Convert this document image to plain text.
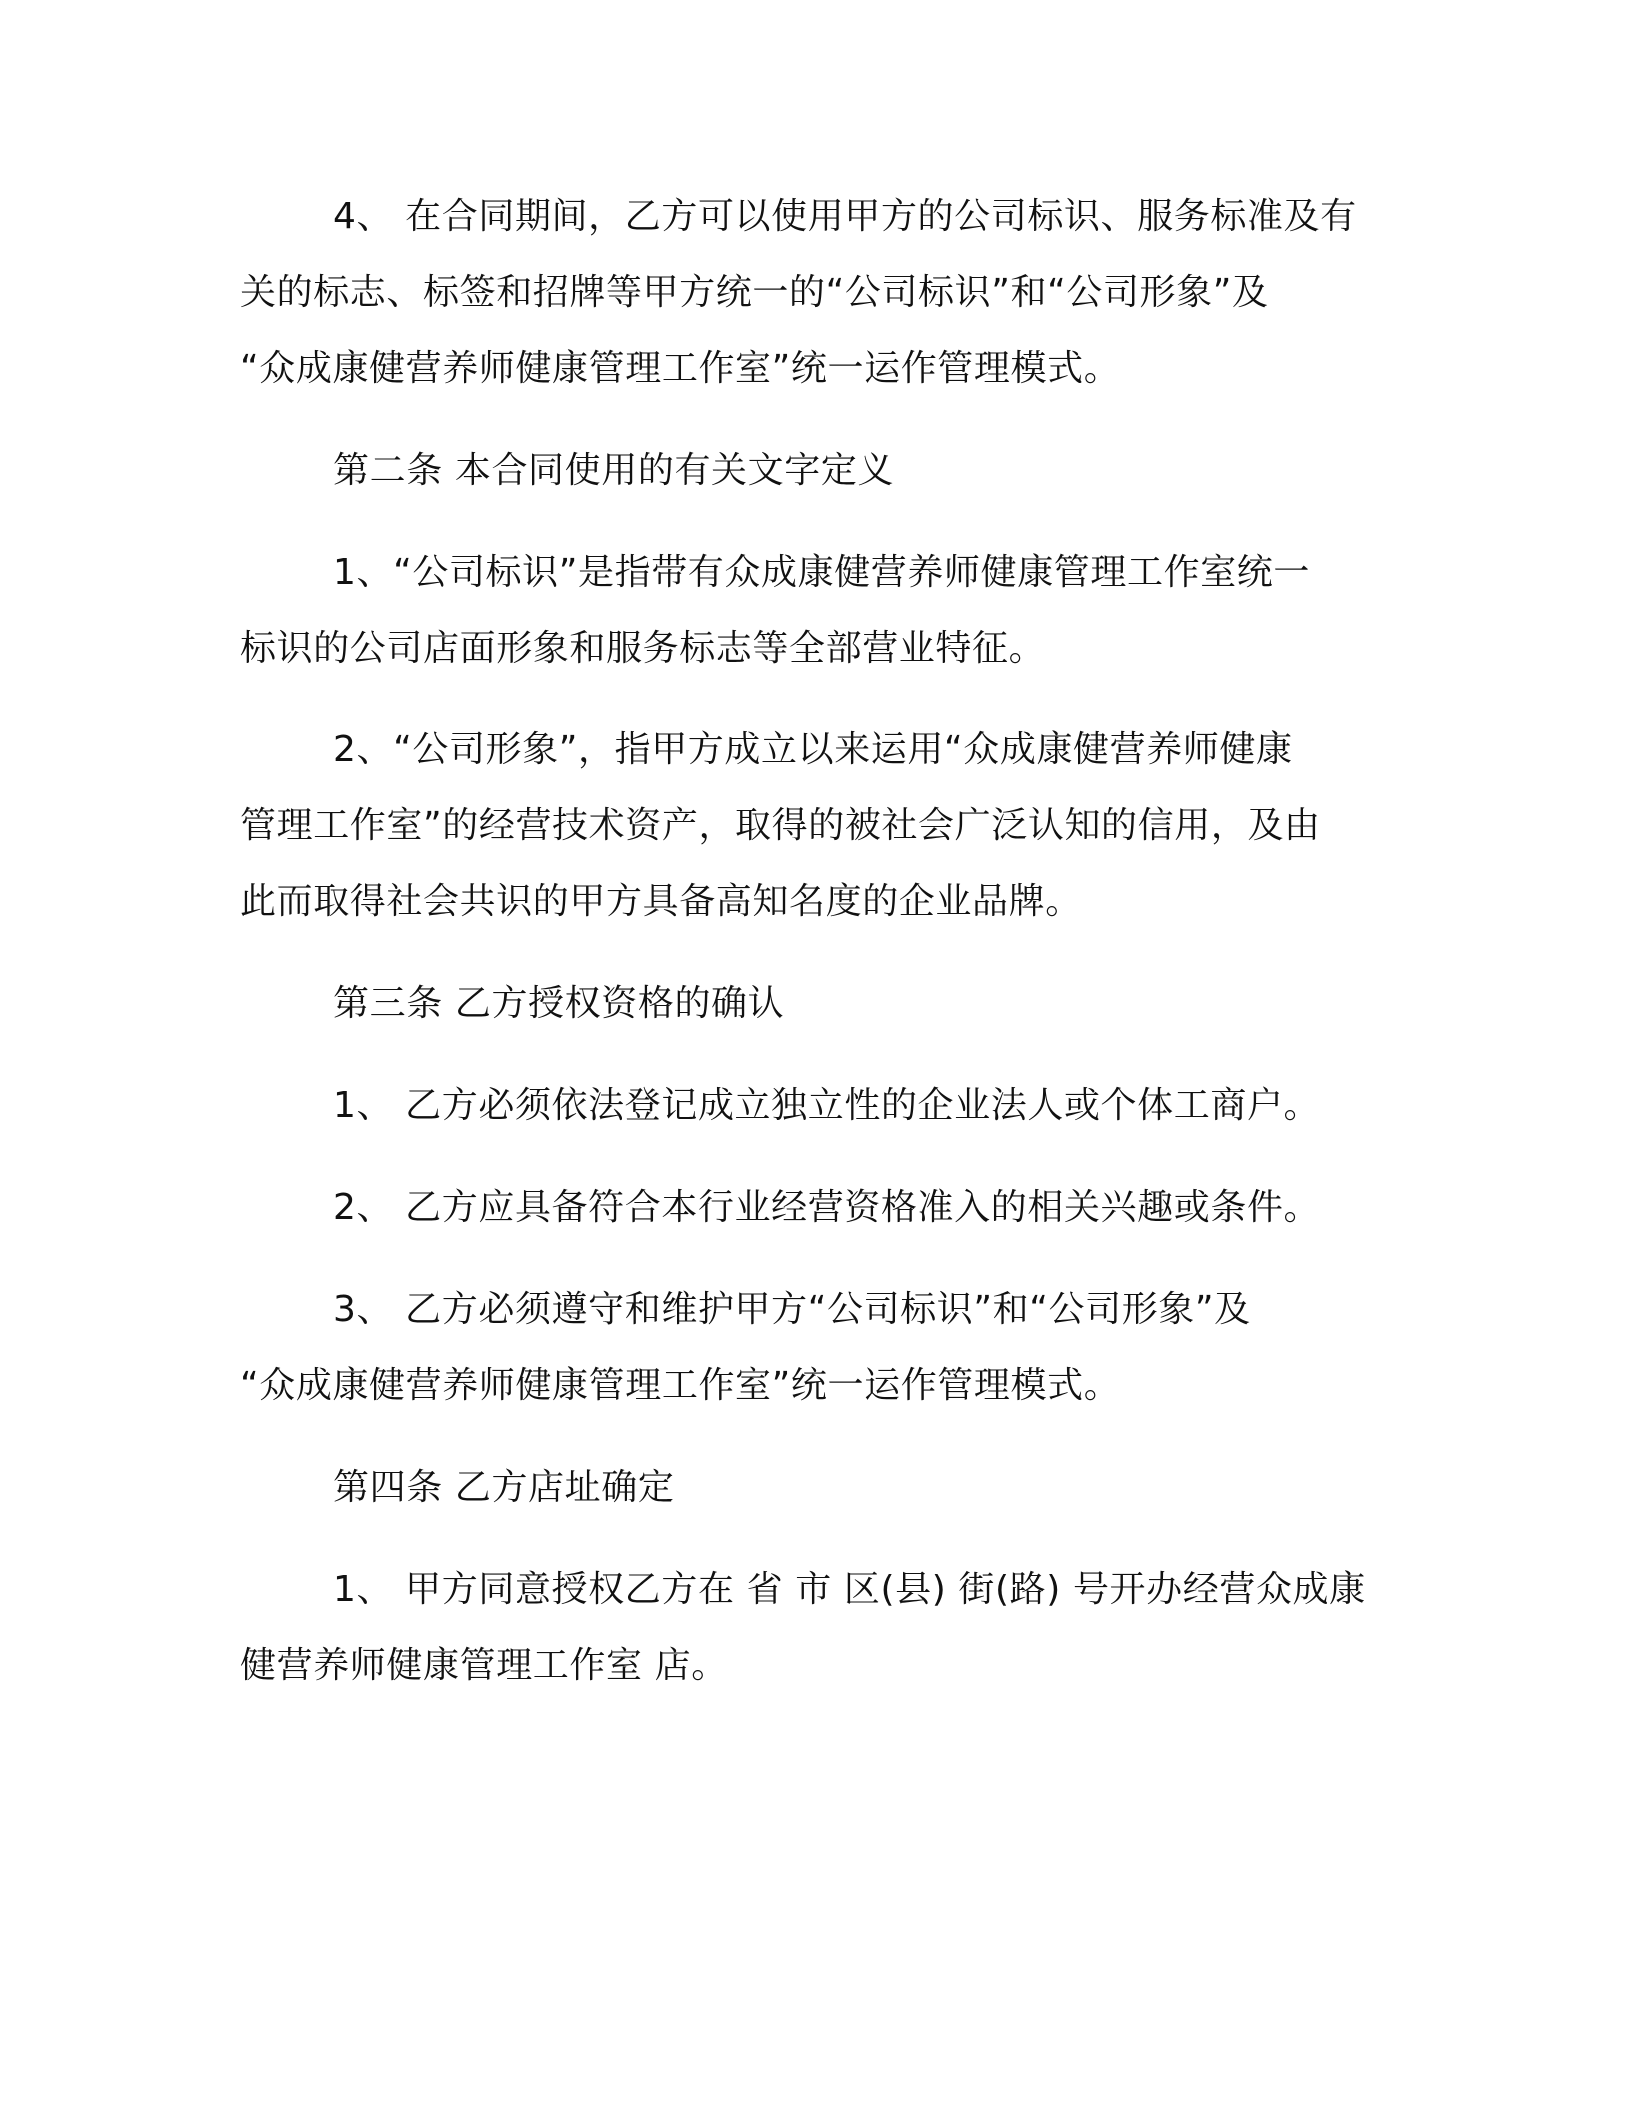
4、 在合同期间，乙方可以使用甲方的公司标识、服务标准及有
关的标志、标签和招牌等甲方统一的“公司标识”和“公司形象”及
“众成康健营养师健康管理工作室”统一运作管理模式。
第二条 本合同使用的有关文字定义
1、“公司标识”是指带有众成康健营养师健康管理工作室统一
标识的公司店面形象和服务标志等全部营业特征。
2、“公司形象”，指甲方成立以来运用“众成康健营养师健康
管理工作室”的经营技术资产，取得的被社会广泛认知的信用，及由
此而取得社会共识的甲方具备高知名度的企业品牌。
第三条 乙方授权资格的确认
1、 乙方必须依法登记成立独立性的企业法人或个体工商户。
2、 乙方应具备符合本行业经营资格准入的相关兴趣或条件。
3、 乙方必须遵守和维护甲方“公司标识”和“公司形象”及
“众成康健营养师健康管理工作室”统一运作管理模式。
第四条 乙方店址确定
1、 甲方同意授权乙方在 省 市 区(县) 街(路) 号开办经营众成康
健营养师健康管理工作室 店。
